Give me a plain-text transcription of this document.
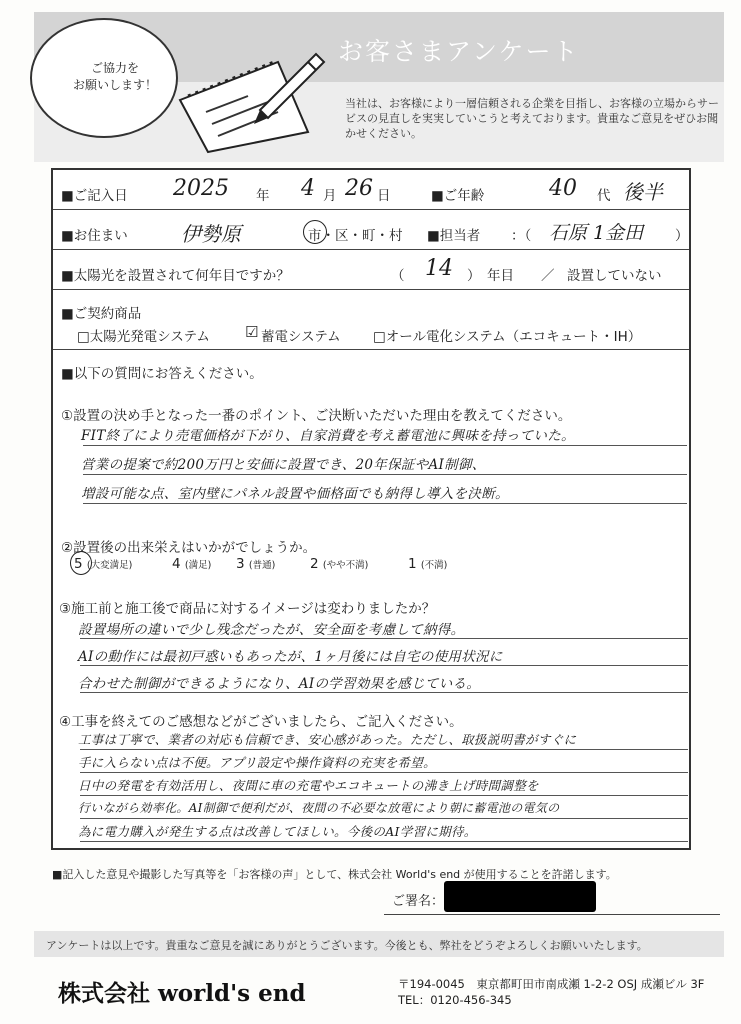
お客さまアンケート
当社は、お客様により一層信頼される企業を目指し、お客様の立場からサービスの見直しを実実していこうと考えております。貴重なご意見をぜひお聞かせください。
ご協力を
お願いします！
■ご記入日 2025 年 4 月 26 日	■ご年齢	40 代 後半
■お住まい	伊勢原	市・区・町・村 ■担当者 ：（ 石原 1金田 ）
■太陽光を設置されて何年目ですか？	（ 14 ） 年目 ／ 設置していない
■ご契約商品
□太陽光発電システム ☑ 蓄電システム □オール電化システム（エコキュート・IH）
■以下の質問にお答えください。
①設置の決め手となった一番のポイント、ご決断いただいた理由を教えてください。
FIT終了により売電価格が下がり、自家消費を考え蓄電池に興味を持っていた。
営業の提案で約200万円と安価に設置でき、20年保証やAI制御、
増設可能な点、室内壁にパネル設置や価格面でも納得し導入を決断。
②設置後の出来栄えはいかがでしょうか。
5 (大変満足)	4 (満足) 3 (普通)	2 (やや不満)	1 (不満)
③施工前と施工後で商品に対するイメージは変わりましたか？
設置場所の違いで少し残念だったが、安全面を考慮して納得。
AIの動作には最初戸惑いもあったが、1ヶ月後には自宅の使用状況に
合わせた制御ができるようになり、AIの学習効果を感じている。
④工事を終えてのご感想などがございましたら、ご記入ください。
工事は丁寧で、業者の対応も信頼でき、安心感があった。ただし、取扱説明書がすぐに
手に入らない点は不便。アプリ設定や操作資料の充実を希望。
日中の発電を有効活用し、夜間に車の充電やエコキュートの沸き上げ時間調整を
行いながら効率化。AI制御で便利だが、夜間の不必要な放電により朝に蓄電池の電気の
為に電力購入が発生する点は改善してほしい。今後のAI学習に期待。
■記入した意見や撮影した写真等を「お客様の声」として、株式会社 World's end が使用することを許諾します。
ご署名：
アンケートは以上です。貴重なご意見を誠にありがとうございます。今後とも、弊社をどうぞよろしくお願いいたします。
株式会社 world's end	〒194-0045　東京都町田市南成瀬 1-2-2 OSJ 成瀬ビル 3F
TEL：0120-456-345
